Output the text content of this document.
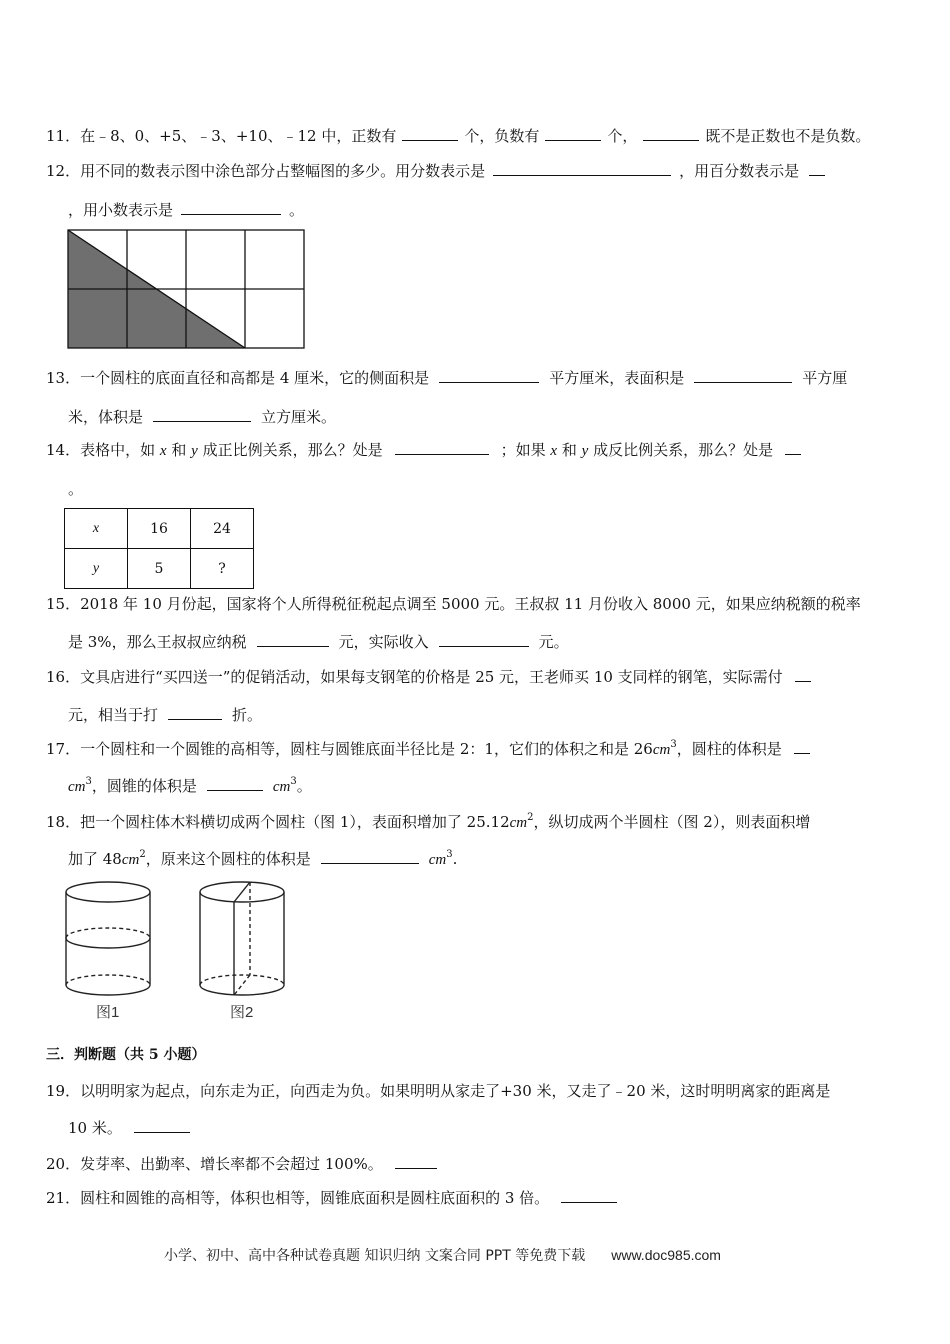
11．在﹣8、0、+5、﹣3、+10、﹣12 中，正数有	个，负数有	个，	既不是正数也不是负数。
12．用不同的数表示图中涂色部分占整幅图的多少。用分数表示是	，用百分数表示是
，用小数表示是	。
13．一个圆柱的底面直径和高都是 4 厘米，它的侧面积是	平方厘米，表面积是	平方厘
米，体积是	立方厘米。
14．表格中，如 x 和 y 成正比例关系，那么？处是	；如果 x 和 y 成反比例关系，那么？处是
。
x	16	24
y	5	?
15．2018 年 10 月份起，国家将个人所得税征税起点调至 5000 元。王叔叔 11 月份收入 8000 元，如果应纳税额的税率
是 3%，那么王叔叔应纳税	元，实际收入	元。
16．文具店进行“买四送一”的促销活动，如果每支钢笔的价格是 25 元，王老师买 10 支同样的钢笔，实际需付
元，相当于打	折。
17．一个圆柱和一个圆锥的高相等，圆柱与圆锥底面半径比是 2：1，它们的体积之和是 $26cm^3$，圆柱的体积是
$cm^3$，圆锥的体积是	$cm^3$。
18．把一个圆柱体木料横切成两个圆柱（图 1），表面积增加了 $25.12cm^2$，纵切成两个半圆柱（图 2），则表面积增
加了 $48cm^2$，原来这个圆柱的体积是	$cm^3$.
图1	图2
三．判断题（共 5 小题）
19．以明明家为起点，向东走为正，向西走为负。如果明明从家走了+30 米，又走了﹣20 米，这时明明离家的距离是
10 米。
20．发芽率、出勤率、增长率都不会超过 100%。
21．圆柱和圆锥的高相等，体积也相等，圆锥底面积是圆柱底面积的 3 倍。
小学、初中、高中各种试卷真题 知识归纳 文案合同 PPT 等免费下载 www.doc985.com
